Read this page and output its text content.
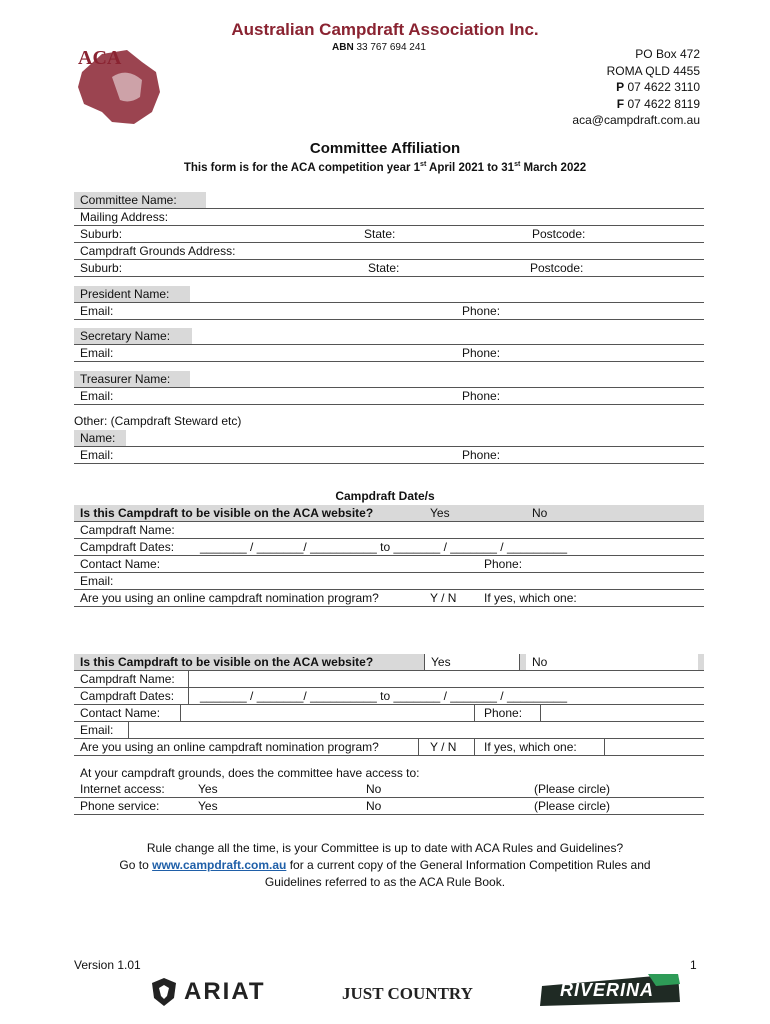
Australian Campdraft Association Inc.
ABN 33 767 694 241
ACA	PO Box 472
ROMA QLD 4455
P 07 4622 3110
F 07 4622 8119
aca@campdraft.com.au
Committee Affiliation
This form is for the ACA competition year 1st April 2021 to 31st March 2022
Committee Name:
Mailing Address:
Suburb:	State:	Postcode:
Campdraft Grounds Address:
Suburb:	State:	Postcode:
President Name:
Email:	Phone:
Secretary Name:
Email:	Phone:
Treasurer Name:
Email:	Phone:
Other: (Campdraft Steward etc)
Name:
Email:	Phone:
Campdraft Date/s
Is this Campdraft to be visible on the ACA website?	Yes	No
Campdraft Name:
Campdraft Dates:	_______ / _______/ __________ to _______ / _______ / _________
Contact Name:	Phone:
Email:
Are you using an online campdraft nomination program?	Y / N	If yes, which one:
Is this Campdraft to be visible on the ACA website?	Yes	No
Campdraft Name:
Campdraft Dates:	_______ / _______/ __________ to _______ / _______ / _________
Contact Name:	Phone:
Email:
Are you using an online campdraft nomination program?	Y / N	If yes, which one:
At your campdraft grounds, does the committee have access to:
Internet access:	Yes	No	(Please circle)
Phone service:	Yes	No	(Please circle)
Rule change all the time, is your Committee is up to date with ACA Rules and Guidelines?
Go to www.campdraft.com.au for a current copy of the General Information Competition Rules and
Guidelines referred to as the ACA Rule Book.
Version 1.01	1
ARIAT	JUST COUNTRY	RIVERINA
